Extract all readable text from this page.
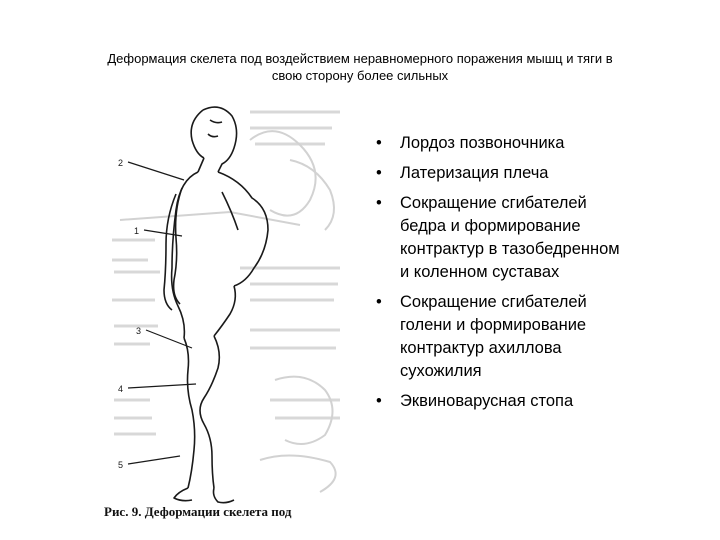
Деформация скелета под воздействием неравномерного поражения мышц и тяги в
свою сторону более сильных
2
1
3
4
5
Рис. 9. Деформации скелета под
• Лордоз позвоночника
• Латеризация плеча
• Сокращение сгибателей
бедра и формирование
контрактур в тазобедренном
и коленном суставах
• Сокращение сгибателей
голени и формирование
контрактур ахиллова
сухожилия
• Эквиноварусная стопа
